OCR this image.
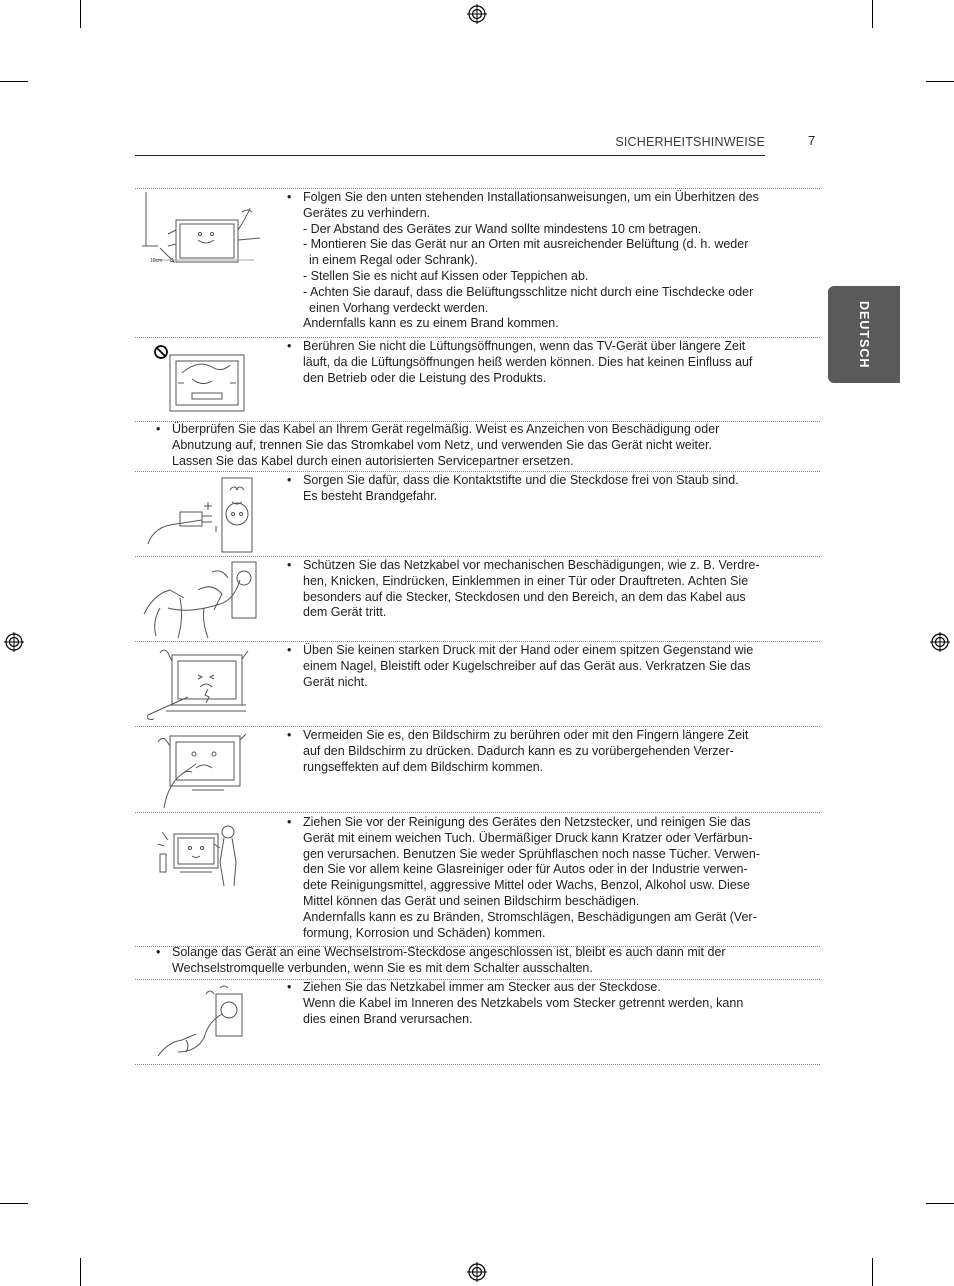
SICHERHEITSHINWEISE	7
DEUTSCH
10cm
• Folgen Sie den unten stehenden Installationsanweisungen, um ein Überhitzen des
Gerätes zu verhindern.
- Der Abstand des Gerätes zur Wand sollte mindestens 10 cm betragen.
- Montieren Sie das Gerät nur an Orten mit ausreichender Belüftung (d. h. weder
in einem Regal oder Schrank).
- Stellen Sie es nicht auf Kissen oder Teppichen ab.
- Achten Sie darauf, dass die Belüftungsschlitze nicht durch eine Tischdecke oder
einen Vorhang verdeckt werden.
Andernfalls kann es zu einem Brand kommen.
• Berühren Sie nicht die Lüftungsöffnungen, wenn das TV-Gerät über längere Zeit
läuft, da die Lüftungsöffnungen heiß werden können. Dies hat keinen Einfluss auf
den Betrieb oder die Leistung des Produkts.
• Überprüfen Sie das Kabel an Ihrem Gerät regelmäßig. Weist es Anzeichen von Beschädigung oder
Abnutzung auf, trennen Sie das Stromkabel vom Netz, und verwenden Sie das Gerät nicht weiter.
Lassen Sie das Kabel durch einen autorisierten Servicepartner ersetzen.
• Sorgen Sie dafür, dass die Kontaktstifte und die Steckdose frei von Staub sind.
Es besteht Brandgefahr.
• Schützen Sie das Netzkabel vor mechanischen Beschädigungen, wie z. B. Verdre-
hen, Knicken, Eindrücken, Einklemmen in einer Tür oder Drauftreten. Achten Sie
besonders auf die Stecker, Steckdosen und den Bereich, an dem das Kabel aus
dem Gerät tritt.
• Üben Sie keinen starken Druck mit der Hand oder einem spitzen Gegenstand wie
einem Nagel, Bleistift oder Kugelschreiber auf das Gerät aus. Verkratzen Sie das
Gerät nicht.
• Vermeiden Sie es, den Bildschirm zu berühren oder mit den Fingern längere Zeit
auf den Bildschirm zu drücken. Dadurch kann es zu vorübergehenden Verzer-
rungseffekten auf dem Bildschirm kommen.
• Ziehen Sie vor der Reinigung des Gerätes den Netzstecker, und reinigen Sie das
Gerät mit einem weichen Tuch. Übermäßiger Druck kann Kratzer oder Verfärbun-
gen verursachen. Benutzen Sie weder Sprühflaschen noch nasse Tücher. Verwen-
den Sie vor allem keine Glasreiniger oder für Autos oder in der Industrie verwen-
dete Reinigungsmittel, aggressive Mittel oder Wachs, Benzol, Alkohol usw. Diese
Mittel können das Gerät und seinen Bildschirm beschädigen.
Andernfalls kann es zu Bränden, Stromschlägen, Beschädigungen am Gerät (Ver-
formung, Korrosion und Schäden) kommen.
• Solange das Gerät an eine Wechselstrom-Steckdose angeschlossen ist, bleibt es auch dann mit der
Wechselstromquelle verbunden, wenn Sie es mit dem Schalter ausschalten.
• Ziehen Sie das Netzkabel immer am Stecker aus der Steckdose.
Wenn die Kabel im Inneren des Netzkabels vom Stecker getrennt werden, kann
dies einen Brand verursachen.
